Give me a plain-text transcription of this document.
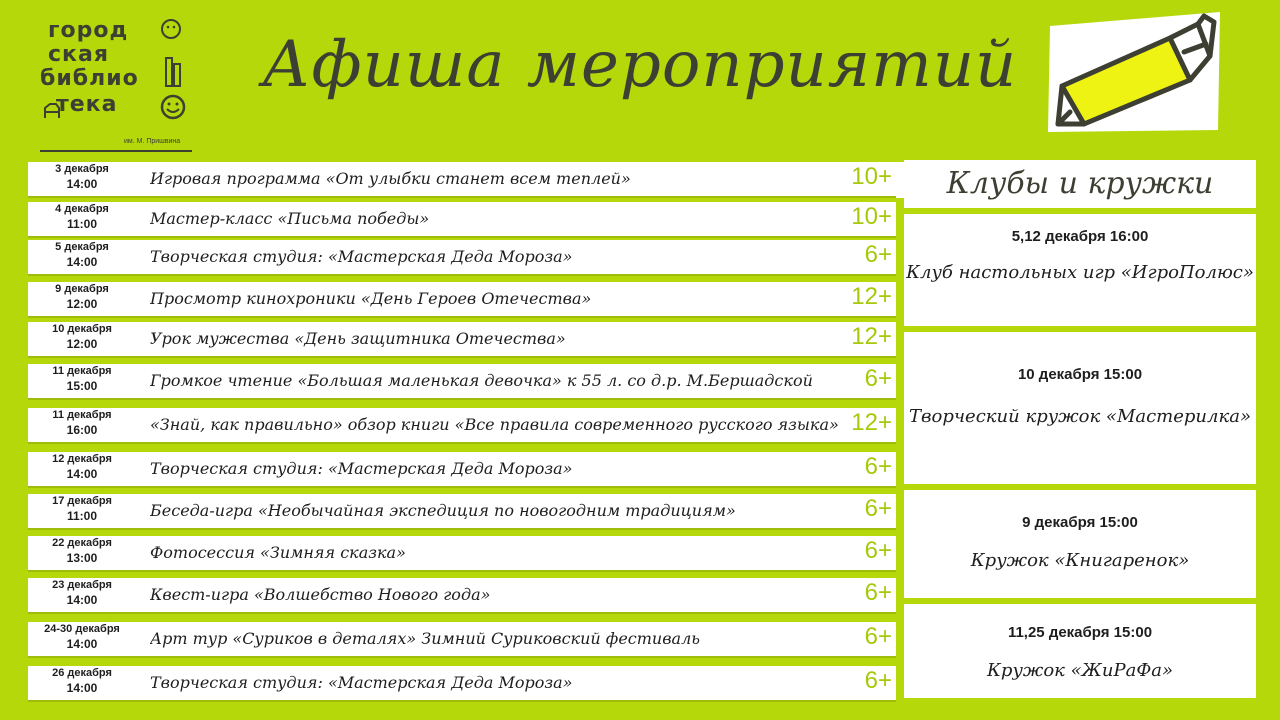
город
ская
библио
тека
им. М. Пришвина
Афиша мероприятий
3 декабря
14:00	Игровая программа «От улыбки станет всем теплей»	10+
4 декабря
11:00	Мастер-класс «Письма победы»	10+
5 декабря
14:00	Творческая студия: «Мастерская Деда Мороза»	6+
9 декабря
12:00	Просмотр кинохроники «День Героев Отечества»	12+
10 декабря
12:00	Урок мужества «День защитника Отечества»	12+
11 декабря
15:00	Громкое чтение «Большая маленькая девочка» к 55 л. со д.р. М.Бершадской	6+
11 декабря
16:00	«Знай, как правильно» обзор книги «Все правила современного русского языка» 12+
12 декабря
14:00	Творческая студия: «Мастерская Деда Мороза»	6+
17 декабря
11:00	Беседа-игра «Необычайная экспедиция по новогодним традициям»	6+
22 декабря
13:00	Фотосессия «Зимняя сказка»	6+
23 декабря
14:00	Квест-игра «Волшебство Нового года»	6+
24-30 декабря
14:00	Арт тур «Суриков в деталях» Зимний Суриковский фестиваль	6+
26 декабря
14:00	Творческая студия: «Мастерская Деда Мороза»	6+
Клубы и кружки
5,12 декабря 16:00
Клуб настольных игр «ИгроПолюс»
10 декабря 15:00
Творческий кружок «Мастерилка»
9 декабря 15:00
Кружок «Книгаренок»
11,25 декабря 15:00
Кружок «ЖиРаФа»
